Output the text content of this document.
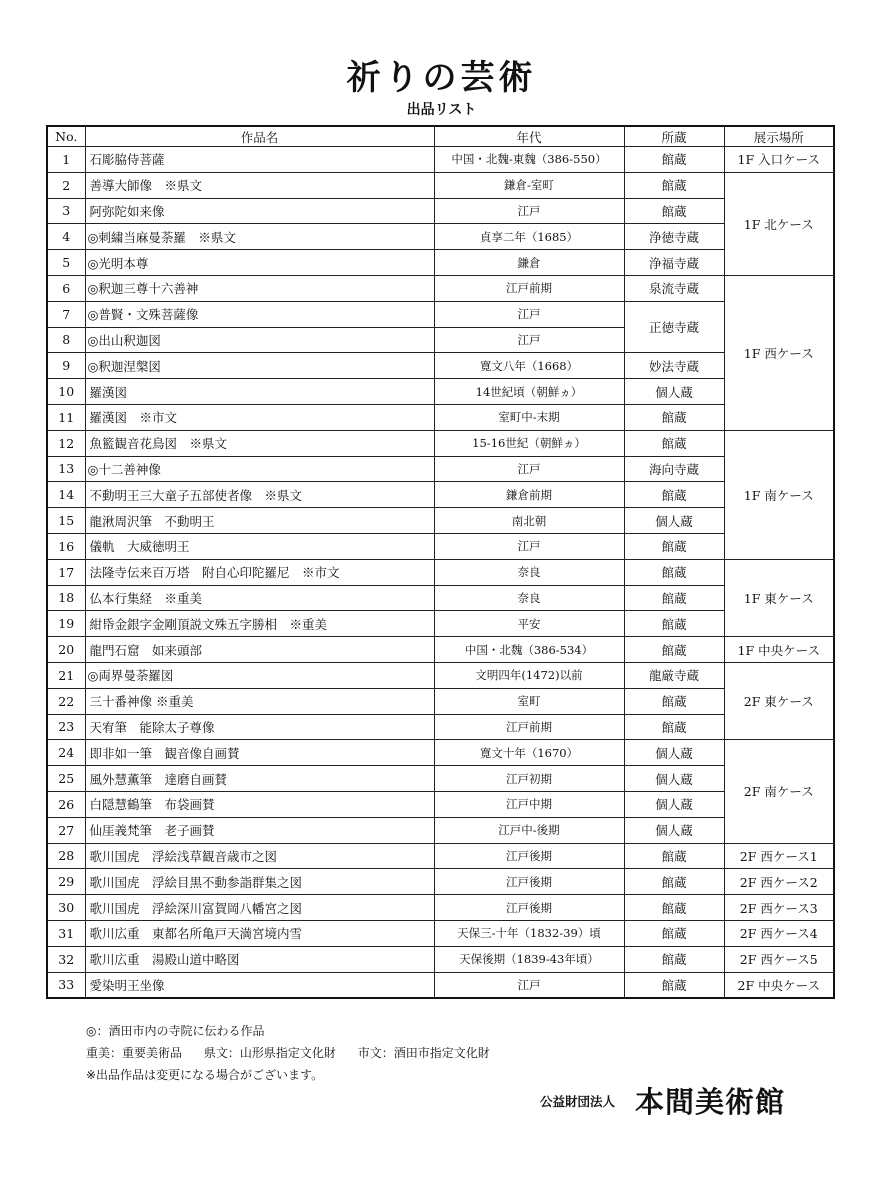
祈りの芸術
出品リスト
No.	作品名	年代	所蔵	展示場所
1	石彫脇侍菩薩	中国・北魏-東魏（386-550）	館蔵	1F 入口ケース
2	善導大師像　※県文	鎌倉-室町	館蔵	1F 北ケース
3	阿弥陀如来像	江戸	館蔵	
4	◎刺繍当麻曼荼羅　※県文	貞享二年（1685）	浄徳寺蔵	
5	◎光明本尊	鎌倉	浄福寺蔵	
6	◎釈迦三尊十六善神	江戸前期	泉流寺蔵	1F 西ケース
7	◎普賢・文殊菩薩像	江戸	正徳寺蔵	
8	◎出山釈迦図	江戸		
9	◎釈迦涅槃図	寛文八年（1668）	妙法寺蔵	
10	羅漢図	14世紀頃（朝鮮ヵ）	個人蔵	
11	羅漢図　※市文	室町中-末期	館蔵	
12	魚籃観音花鳥図　※県文	15-16世紀（朝鮮ヵ）	館蔵	1F 南ケース
13	◎十二善神像	江戸	海向寺蔵	
14	不動明王三大童子五部使者像　※県文	鎌倉前期	館蔵	
15	龍湫周沢筆　不動明王	南北朝	個人蔵	
16	儀軌　大威徳明王	江戸	館蔵	
17	法隆寺伝来百万塔　附自心印陀羅尼　※市文	奈良	館蔵	1F 東ケース
18	仏本行集経　※重美	奈良	館蔵	
19	紺帋金銀字金剛頂説文殊五字勝相　※重美	平安	館蔵	
20	龍門石窟　如来頭部	中国・北魏（386-534）	館蔵	1F 中央ケース
21	◎両界曼荼羅図	文明四年(1472)以前	龍厳寺蔵	2F 東ケース
22	三十番神像 ※重美	室町	館蔵	
23	天宥筆　能除太子尊像	江戸前期	館蔵	
24	即非如一筆　観音像自画賛	寛文十年（1670）	個人蔵	2F 南ケース
25	風外慧薫筆　達磨自画賛	江戸初期	個人蔵	
26	白隠慧鶴筆　布袋画賛	江戸中期	個人蔵	
27	仙厓義梵筆　老子画賛	江戸中-後期	個人蔵	
28	歌川国虎　浮絵浅草観音歳市之図	江戸後期	館蔵	2F 西ケース1
29	歌川国虎　浮絵目黒不動参詣群集之図	江戸後期	館蔵	2F 西ケース2
30	歌川国虎　浮絵深川富賀岡八幡宮之図	江戸後期	館蔵	2F 西ケース3
31	歌川広重　東都名所亀戸天満宮境内雪	天保三-十年（1832-39）頃	館蔵	2F 西ケース4
32	歌川広重　湯殿山道中略図	天保後期（1839-43年頃）	館蔵	2F 西ケース5
33	愛染明王坐像	江戸	館蔵	2F 中央ケース
◎：酒田市内の寺院に伝わる作品
重美：重要美術品 県文：山形県指定文化財 市文：酒田市指定文化財
※出品作品は変更になる場合がございます。
公益財団法人 本間美術館
